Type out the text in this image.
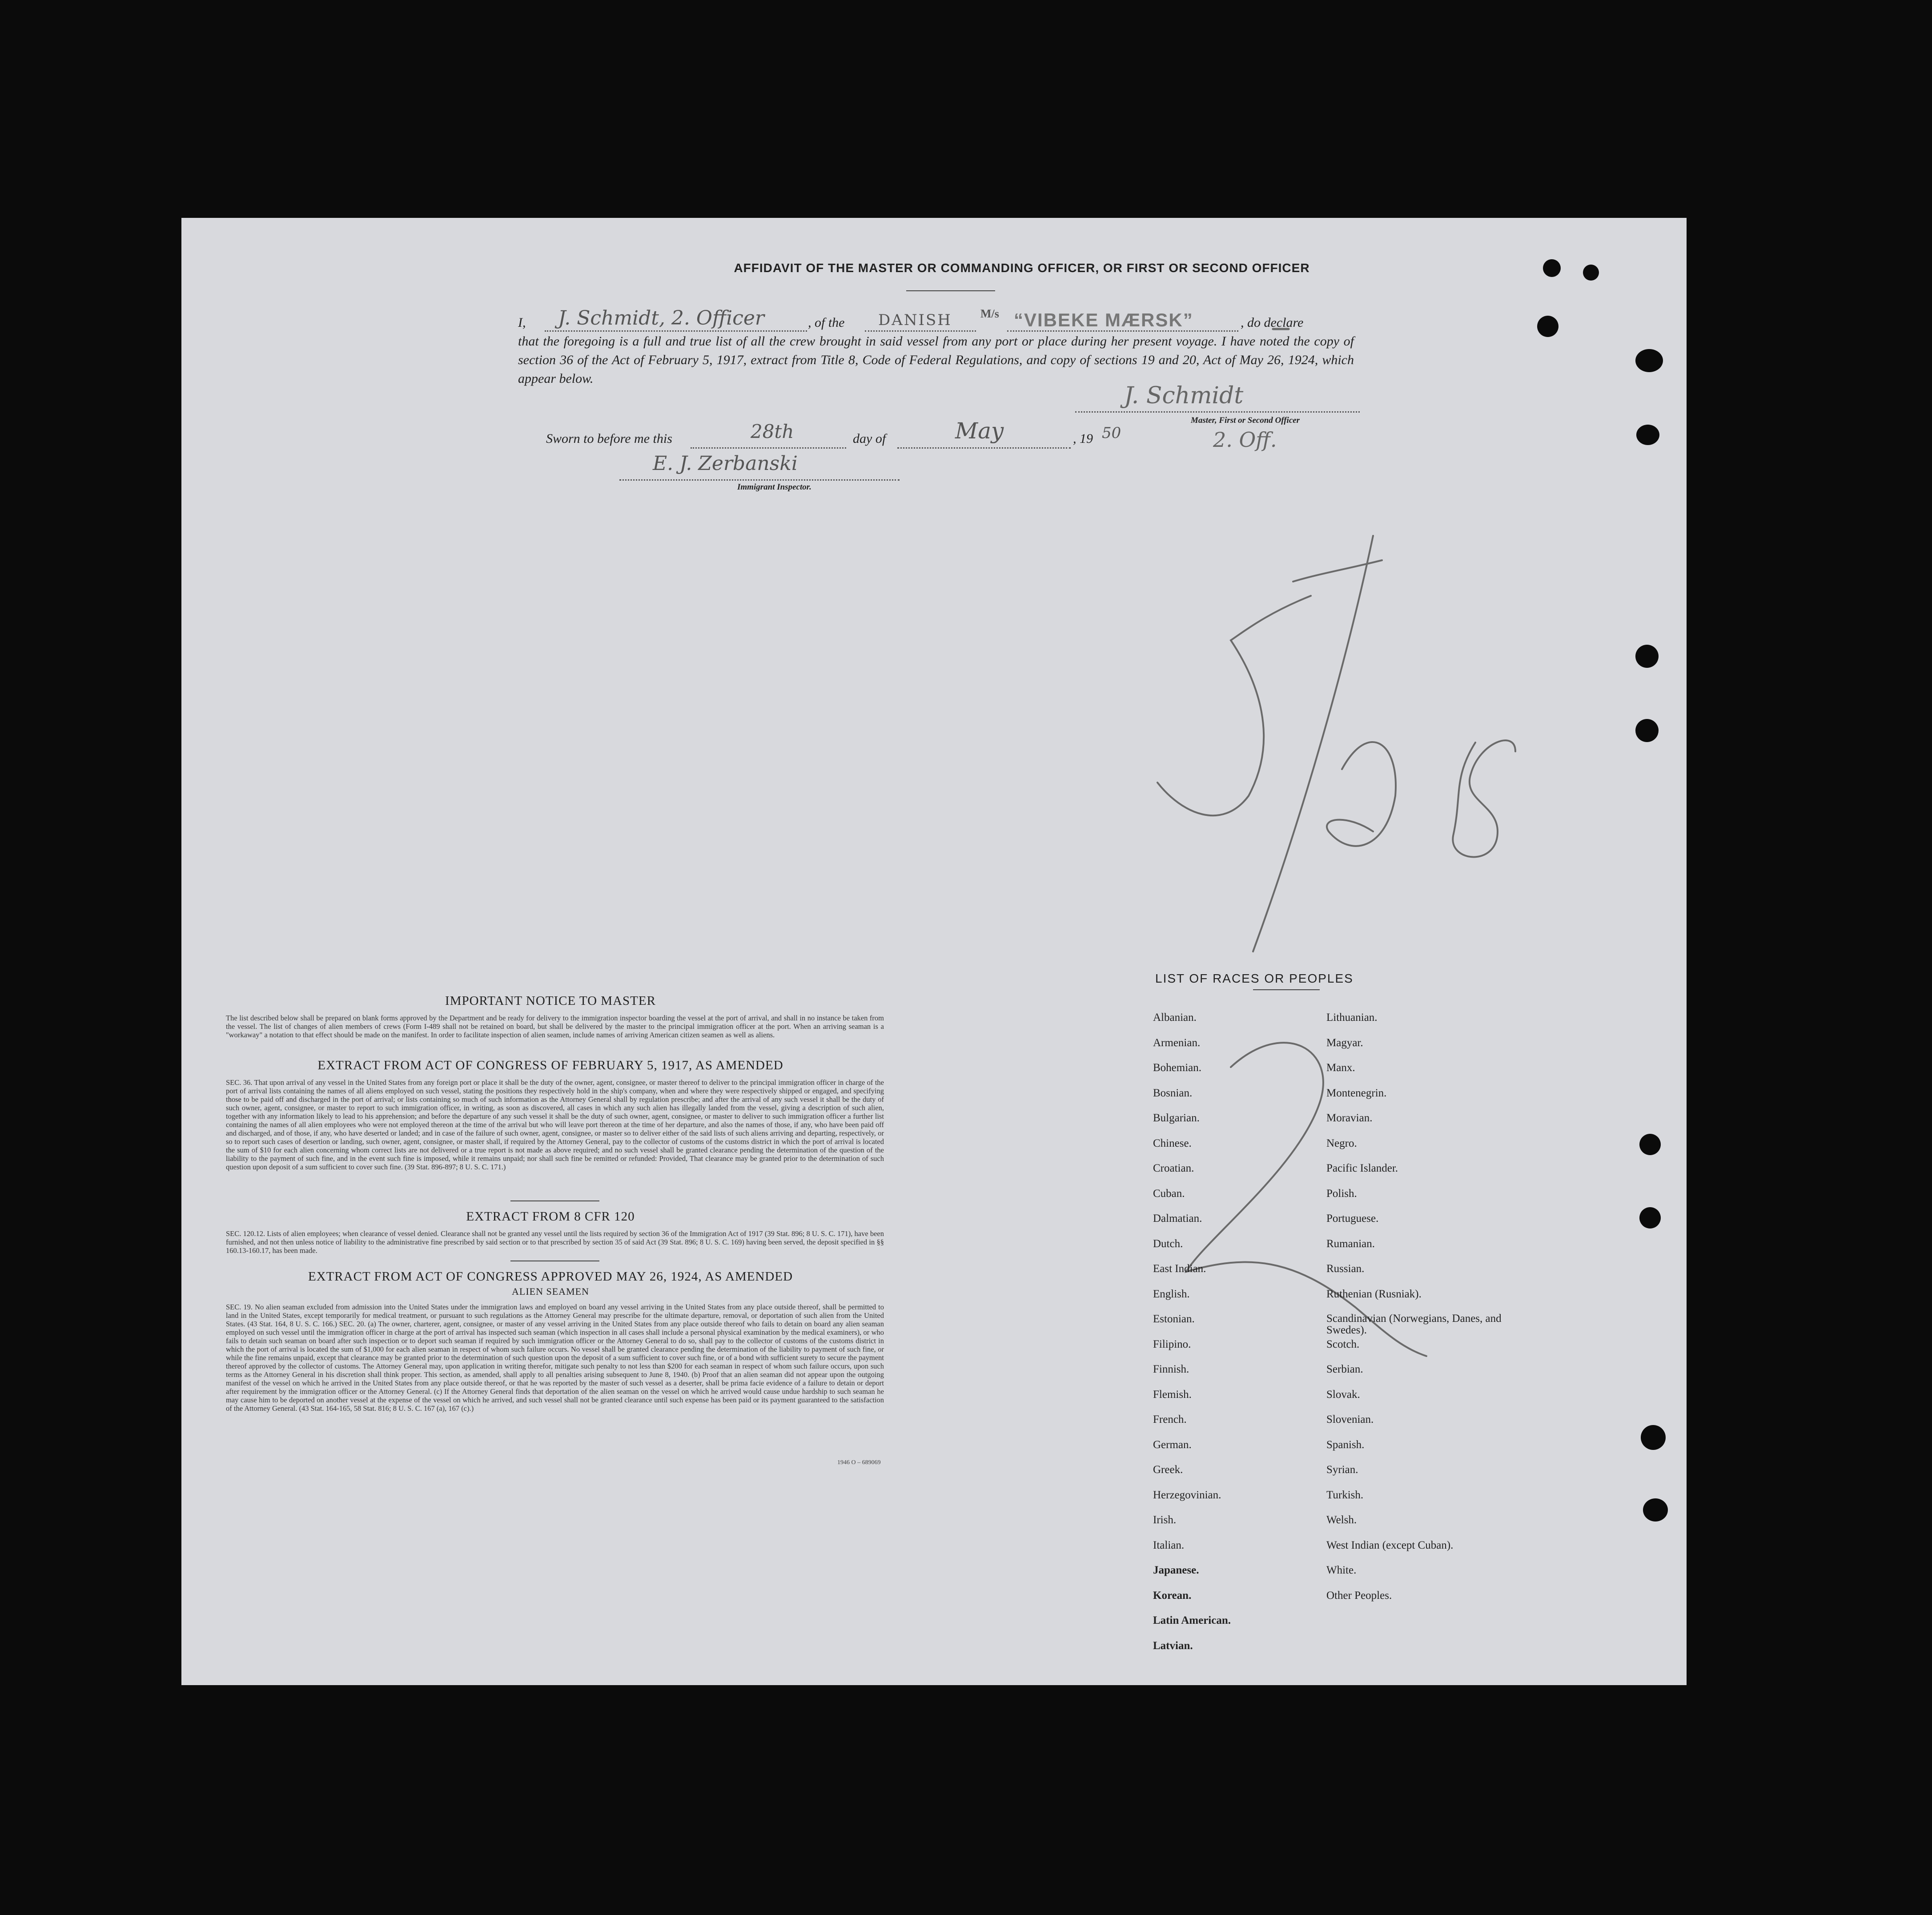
AFFIDAVIT OF THE MASTER OR COMMANDING OFFICER, OR FIRST OR SECOND OFFICER
I, J. Schmidt, 2. Officer	, of the DANISH M/s “VIBEKE MÆRSK”	, do declare
that the foregoing is a full and true list of all the crew brought in said vessel from any port or place during her present voyage. I have noted the copy of section 36 of the Act of February 5, 1917, extract from Title 8, Code of Federal Regulations, and copy of sections 19 and 20, Act of May 26, 1924, which appear below.
J. Schmidt
Master, First or Second Officer
2. Off.
Sworn to before me this	28th	day of	May	, 19 50
E. J. Zerbanski
Immigrant Inspector.
IMPORTANT NOTICE TO MASTER
The list described below shall be prepared on blank forms approved by the Department and be ready for delivery to the immigration inspector boarding the vessel at the port of arrival, and shall in no instance be taken from the vessel. The list of changes of alien members of crews (Form I-489 shall not be retained on board, but shall be delivered by the master to the principal immigration officer at the port. When an arriving seaman is a "workaway" a notation to that effect should be made on the manifest. In order to facilitate inspection of alien seamen, include names of arriving American citizen seamen as well as aliens.
EXTRACT FROM ACT OF CONGRESS OF FEBRUARY 5, 1917, AS AMENDED
SEC. 36. That upon arrival of any vessel in the United States from any foreign port or place it shall be the duty of the owner, agent, consignee, or master thereof to deliver to the principal immigration officer in charge of the port of arrival lists containing the names of all aliens employed on such vessel, stating the positions they respectively hold in the ship's company, when and where they were respectively shipped or engaged, and specifying those to be paid off and discharged in the port of arrival; or lists containing so much of such information as the Attorney General shall by regulation prescribe; and after the arrival of any such vessel it shall be the duty of such owner, agent, consignee, or master to report to such immigration officer, in writing, as soon as discovered, all cases in which any such alien has illegally landed from the vessel, giving a description of such alien, together with any information likely to lead to his apprehension; and before the departure of any such vessel it shall be the duty of such owner, agent, consignee, or master to deliver to such immigration officer a further list containing the names of all alien employees who were not employed thereon at the time of the arrival but who will leave port thereon at the time of her departure, and also the names of those, if any, who have been paid off and discharged, and of those, if any, who have deserted or landed; and in case of the failure of such owner, agent, consignee, or master so to deliver either of the said lists of such aliens arriving and departing, respectively, or so to report such cases of desertion or landing, such owner, agent, consignee, or master shall, if required by the Attorney General, pay to the collector of customs of the customs district in which the port of arrival is located the sum of $10 for each alien concerning whom correct lists are not delivered or a true report is not made as above required; and no such vessel shall be granted clearance pending the determination of the question of the liability to the payment of such fine, and in the event such fine is imposed, while it remains unpaid; nor shall such fine be remitted or refunded: Provided, That clearance may be granted prior to the determination of such question upon deposit of a sum sufficient to cover such fine. (39 Stat. 896-897; 8 U. S. C. 171.)
EXTRACT FROM 8 CFR 120
SEC. 120.12. Lists of alien employees; when clearance of vessel denied. Clearance shall not be granted any vessel until the lists required by section 36 of the Immigration Act of 1917 (39 Stat. 896; 8 U. S. C. 171), have been furnished, and not then unless notice of liability to the administrative fine prescribed by said section or to that prescribed by section 35 of said Act (39 Stat. 896; 8 U. S. C. 169) having been served, the deposit specified in §§ 160.13-160.17, has been made.
EXTRACT FROM ACT OF CONGRESS APPROVED MAY 26, 1924, AS AMENDED
ALIEN SEAMEN
SEC. 19. No alien seaman excluded from admission into the United States under the immigration laws and employed on board any vessel arriving in the United States from any place outside thereof, shall be permitted to land in the United States, except temporarily for medical treatment, or pursuant to such regulations as the Attorney General may prescribe for the ultimate departure, removal, or deportation of such alien from the United States. (43 Stat. 164, 8 U. S. C. 166.) SEC. 20. (a) The owner, charterer, agent, consignee, or master of any vessel arriving in the United States from any place outside thereof who fails to detain on board any alien seaman employed on such vessel until the immigration officer in charge at the port of arrival has inspected such seaman (which inspection in all cases shall include a personal physical examination by the medical examiners), or who fails to detain such seaman on board after such inspection or to deport such seaman if required by such immigration officer or the Attorney General to do so, shall pay to the collector of customs of the customs district in which the port of arrival is located the sum of $1,000 for each alien seaman in respect of whom such failure occurs. No vessel shall be granted clearance pending the determination of the liability to payment of such fine, or while the fine remains unpaid, except that clearance may be granted prior to the determination of such question upon the deposit of a sum sufficient to cover such fine, or of a bond with sufficient surety to secure the payment thereof approved by the collector of customs. The Attorney General may, upon application in writing therefor, mitigate such penalty to not less than $200 for each seaman in respect of whom such failure occurs, upon such terms as the Attorney General in his discretion shall think proper. This section, as amended, shall apply to all penalties arising subsequent to June 8, 1940. (b) Proof that an alien seaman did not appear upon the outgoing manifest of the vessel on which he arrived in the United States from any place outside thereof, or that he was reported by the master of such vessel as a deserter, shall be prima facie evidence of a failure to detain or deport after requirement by the immigration officer or the Attorney General. (c) If the Attorney General finds that deportation of the alien seaman on the vessel on which he arrived would cause undue hardship to such seaman he may cause him to be deported on another vessel at the expense of the vessel on which he arrived, and such vessel shall not be granted clearance until such expense has been paid or its payment guaranteed to the satisfaction of the Attorney General. (43 Stat. 164-165, 58 Stat. 816; 8 U. S. C. 167 (a), 167 (c).)
1946 O – 689069
LIST OF RACES OR PEOPLES
Albanian.
Armenian.
Bohemian.
Bosnian.
Bulgarian.
Chinese.
Croatian.
Cuban.
Dalmatian.
Dutch.
East Indian.
English.
Estonian.
Filipino.
Finnish.
Flemish.
French.
German.
Greek.
Herzegovinian.
Irish.
Italian.
Japanese.
Korean.
Latin American.
Latvian.
Lithuanian.
Magyar.
Manx.
Montenegrin.
Moravian.
Negro.
Pacific Islander.
Polish.
Portuguese.
Rumanian.
Russian.
Ruthenian (Rusniak).
Scandinavian (Norwegians, Danes, and Swedes).
Scotch.
Serbian.
Slovak.
Slovenian.
Spanish.
Syrian.
Turkish.
Welsh.
West Indian (except Cuban).
White.
Other Peoples.
